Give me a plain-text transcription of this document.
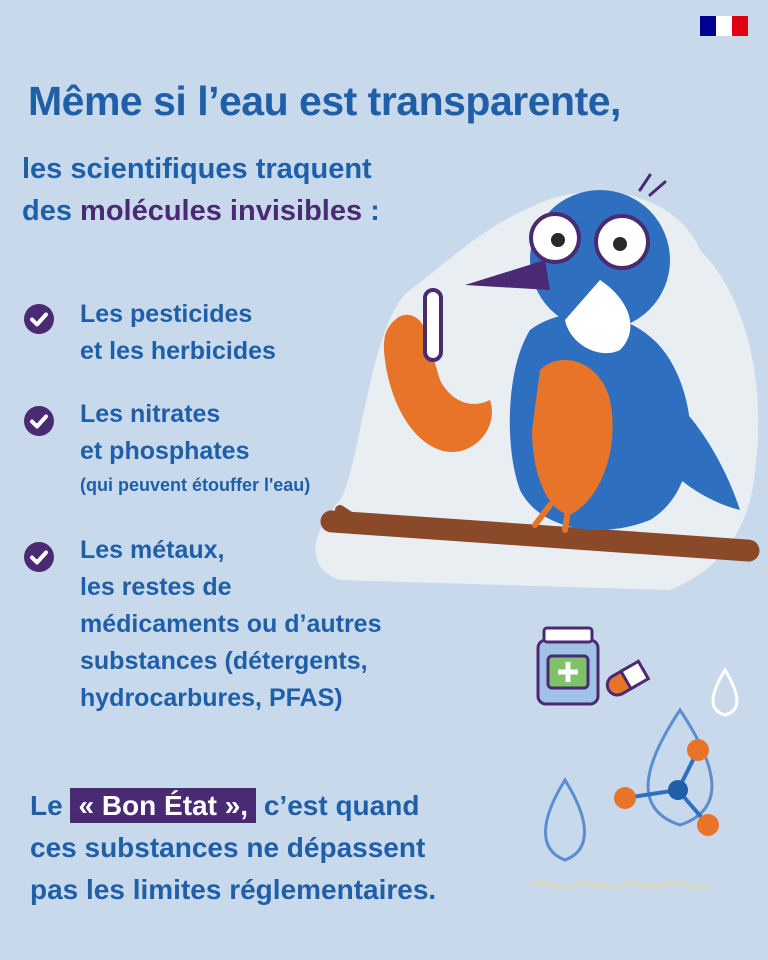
Même si l’eau est transparente,
les scientifiques traquent
des molécules invisibles :
Les pesticides
et les herbicides
Les nitrates
et phosphates
(qui peuvent étouffer l'eau)
Les métaux,
les restes de
médicaments ou d’autres
substances (détergents,
hydrocarbures, PFAS)
Le « Bon État », c’est quand
ces substances ne dépassent
pas les limites réglementaires.
